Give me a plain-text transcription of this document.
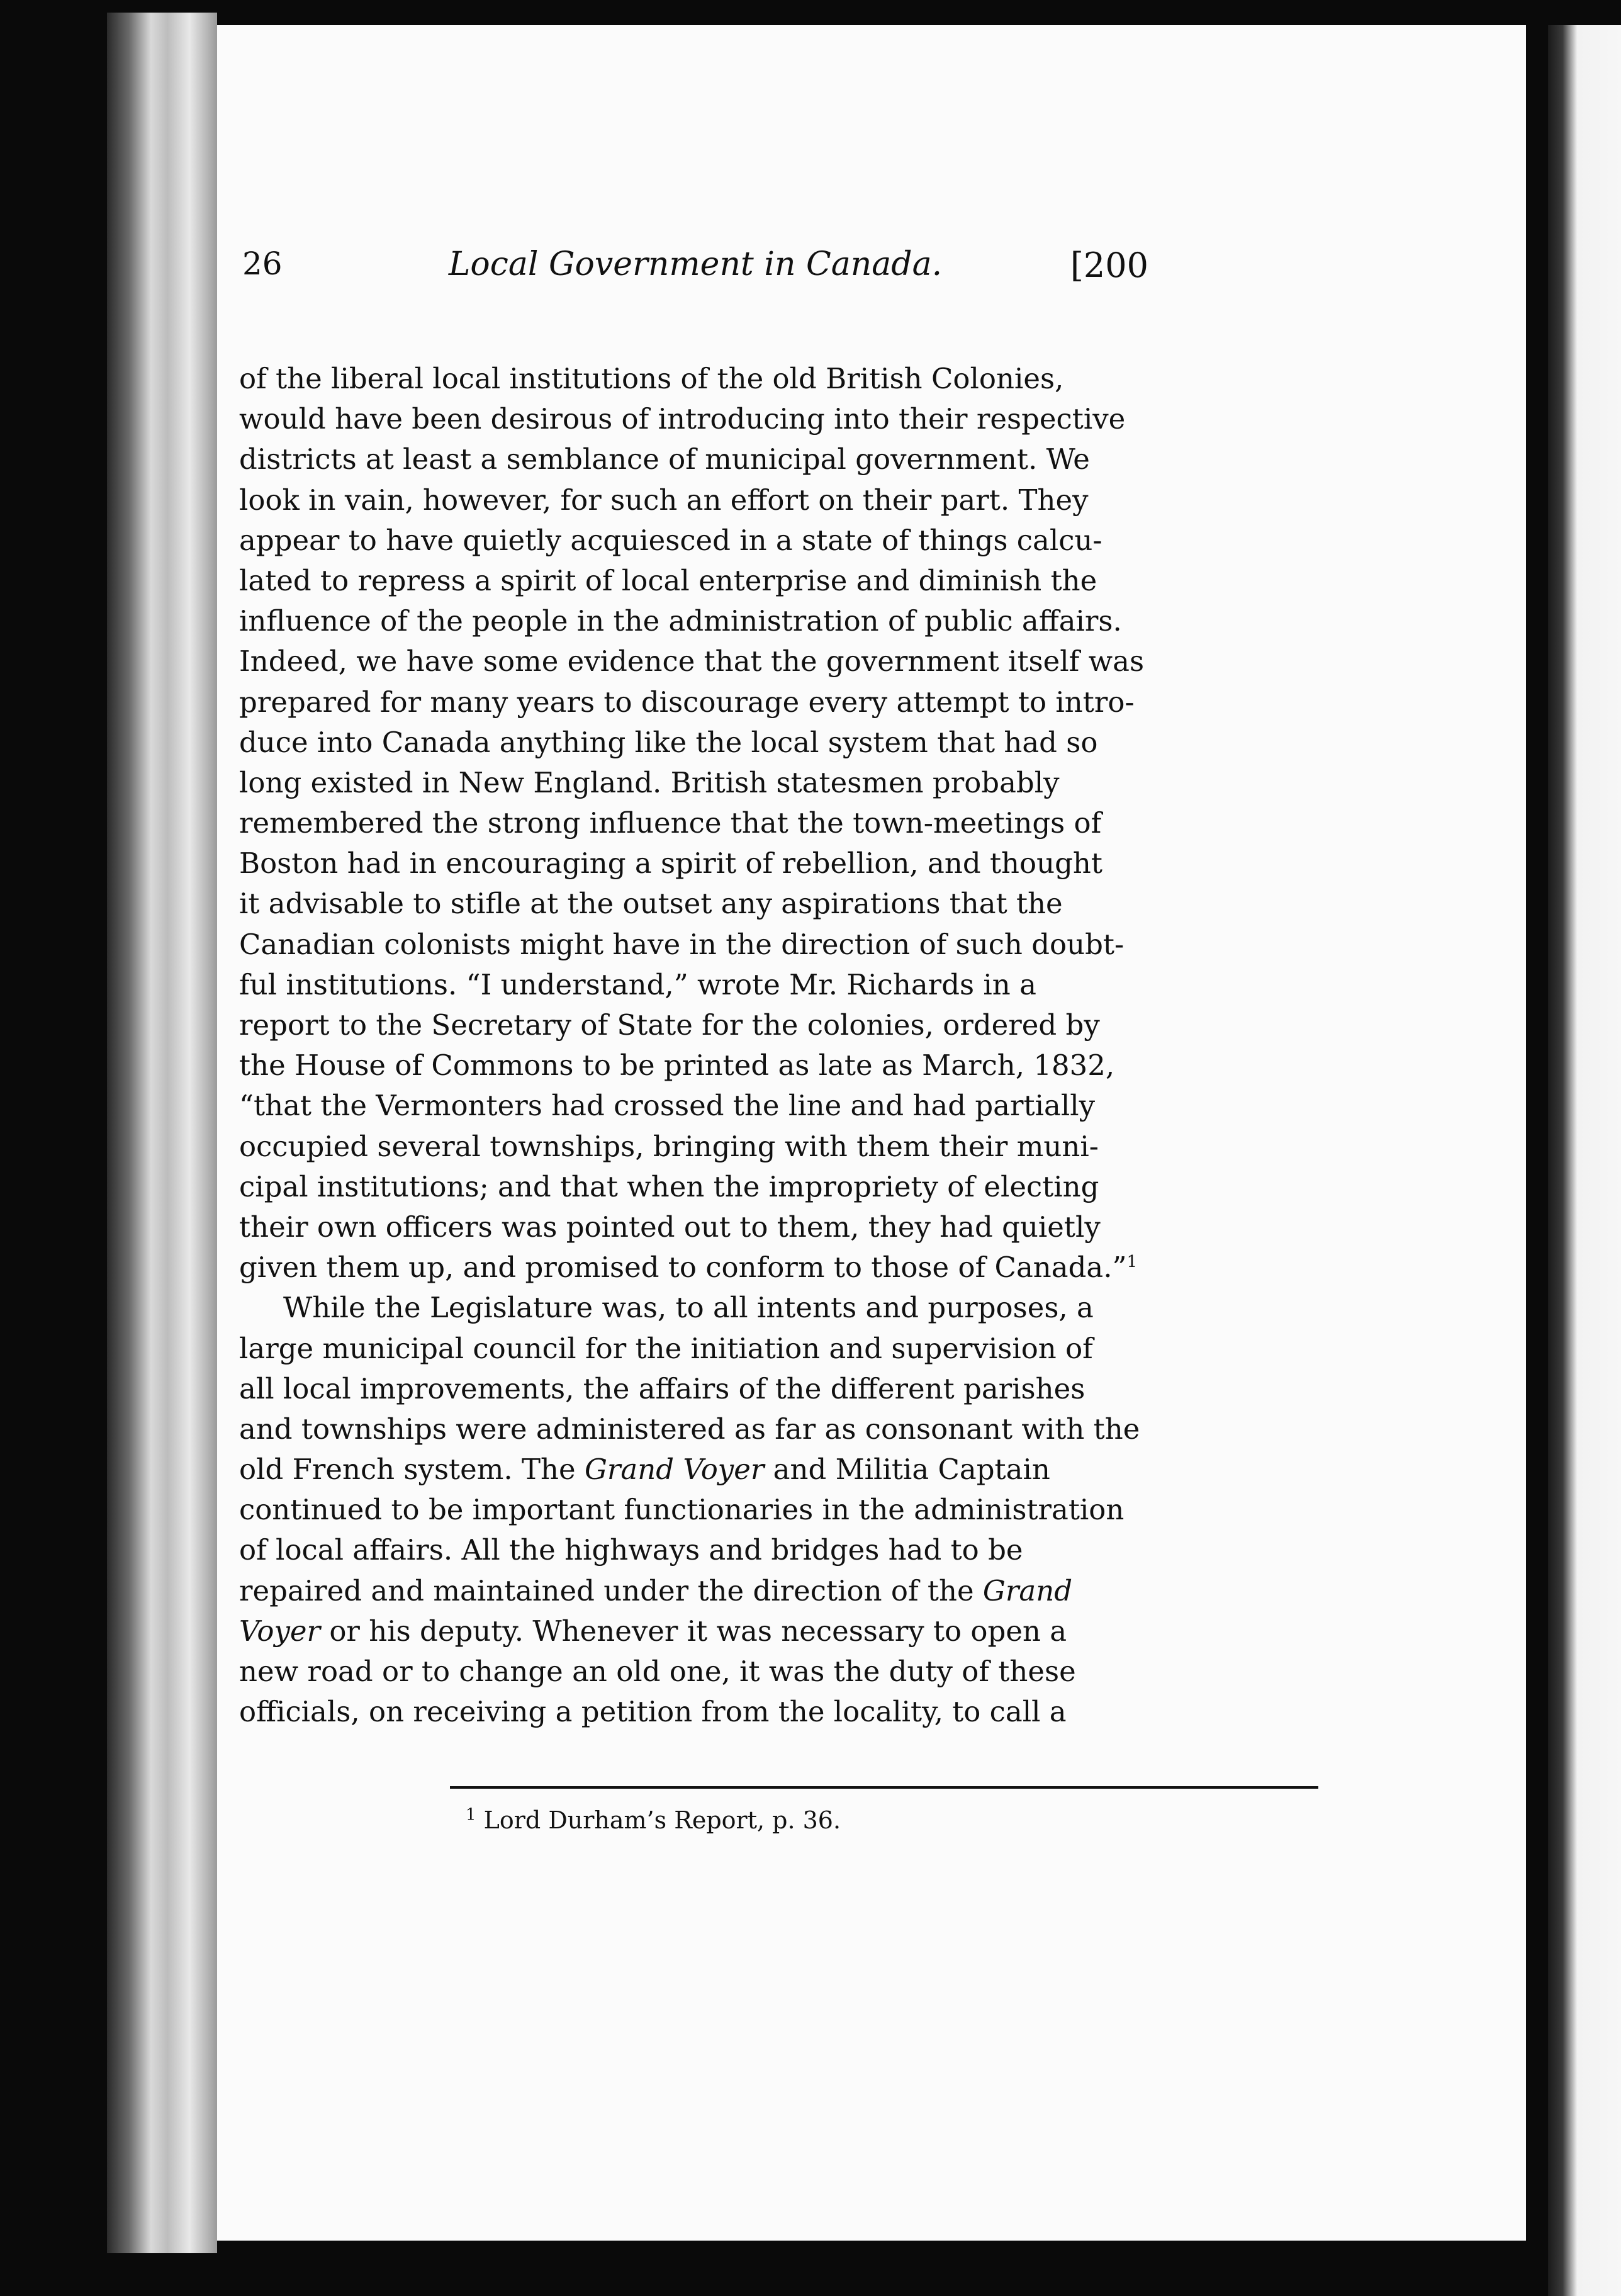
26	Local Government in Canada.	[200

of the liberal local institutions of the old British Colonies,
would have been desirous of introducing into their respective
districts at least a semblance of municipal government. We
look in vain, however, for such an effort on their part. They
appear to have quietly acquiesced in a state of things calcu-
lated to repress a spirit of local enterprise and diminish the
influence of the people in the administration of public affairs.
Indeed, we have some evidence that the government itself was
prepared for many years to discourage every attempt to intro-
duce into Canada anything like the local system that had so
long existed in New England. British statesmen probably
remembered the strong influence that the town-meetings of
Boston had in encouraging a spirit of rebellion, and thought
it advisable to stifle at the outset any aspirations that the
Canadian colonists might have in the direction of such doubt-
ful institutions. “I understand,” wrote Mr. Richards in a
report to the Secretary of State for the colonies, ordered by
the House of Commons to be printed as late as March, 1832,
“that the Vermonters had crossed the line and had partially
occupied several townships, bringing with them their muni-
cipal institutions; and that when the impropriety of electing
their own officers was pointed out to them, they had quietly
given them up, and promised to conform to those of Canada.”$^1$

While the Legislature was, to all intents and purposes, a
large municipal council for the initiation and supervision of
all local improvements, the affairs of the different parishes
and townships were administered as far as consonant with the
old French system. The Grand Voyer and Militia Captain
continued to be important functionaries in the administration
of local affairs. All the highways and bridges had to be
repaired and maintained under the direction of the Grand
Voyer or his deputy. Whenever it was necessary to open a
new road or to change an old one, it was the duty of these
officials, on receiving a petition from the locality, to call a

$^1$ Lord Durham’s Report, p. 36.
